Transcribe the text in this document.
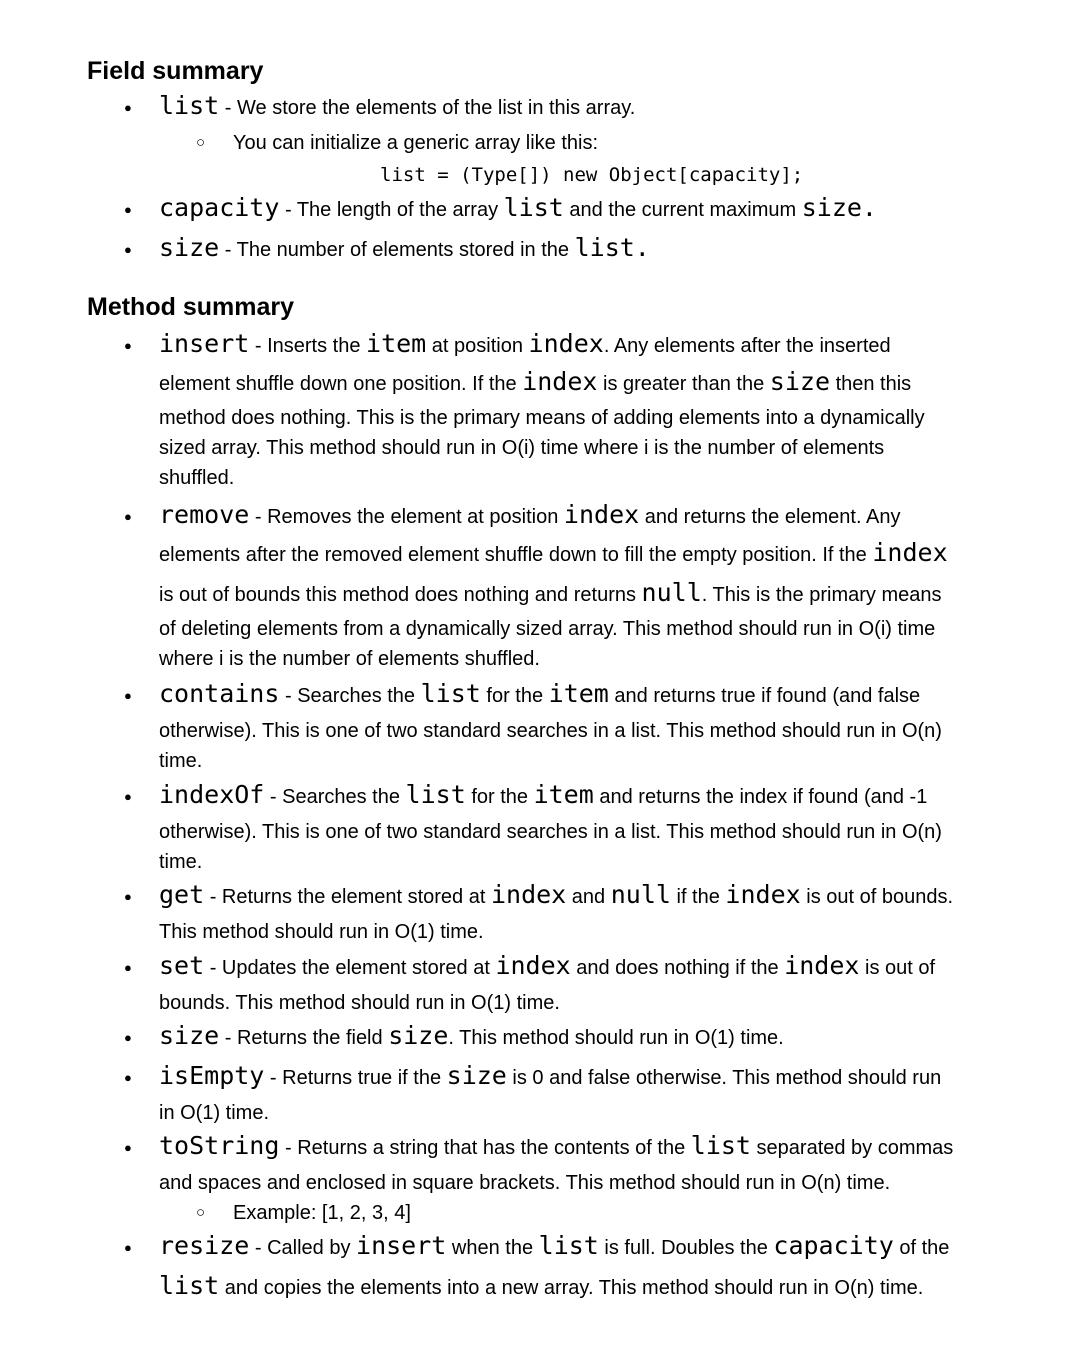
Field summary
● list - We store the elements of the list in this array.
○ You can initialize a generic array like this:
list = (Type[]) new Object[capacity];
● capacity - The length of the array list and the current maximum size.
● size - The number of elements stored in the list.
Method summary
● insert - Inserts the item at position index. Any elements after the inserted
element shuffle down one position. If the index is greater than the size then this
method does nothing. This is the primary means of adding elements into a dynamically
sized array. This method should run in O(i) time where i is the number of elements
shuffled.
● remove - Removes the element at position index and returns the element. Any
elements after the removed element shuffle down to fill the empty position. If the index
is out of bounds this method does nothing and returns null. This is the primary means
of deleting elements from a dynamically sized array. This method should run in O(i) time
where i is the number of elements shuffled.
● contains - Searches the list for the item and returns true if found (and false
otherwise). This is one of two standard searches in a list. This method should run in O(n)
time.
● indexOf - Searches the list for the item and returns the index if found (and -1
otherwise). This is one of two standard searches in a list. This method should run in O(n)
time.
● get - Returns the element stored at index and null if the index is out of bounds.
This method should run in O(1) time.
● set - Updates the element stored at index and does nothing if the index is out of
bounds. This method should run in O(1) time.
● size - Returns the field size. This method should run in O(1) time.
● isEmpty - Returns true if the size is 0 and false otherwise. This method should run
in O(1) time.
● toString - Returns a string that has the contents of the list separated by commas
and spaces and enclosed in square brackets. This method should run in O(n) time.
○ Example: [1, 2, 3, 4]
● resize - Called by insert when the list is full. Doubles the capacity of the
list and copies the elements into a new array. This method should run in O(n) time.
